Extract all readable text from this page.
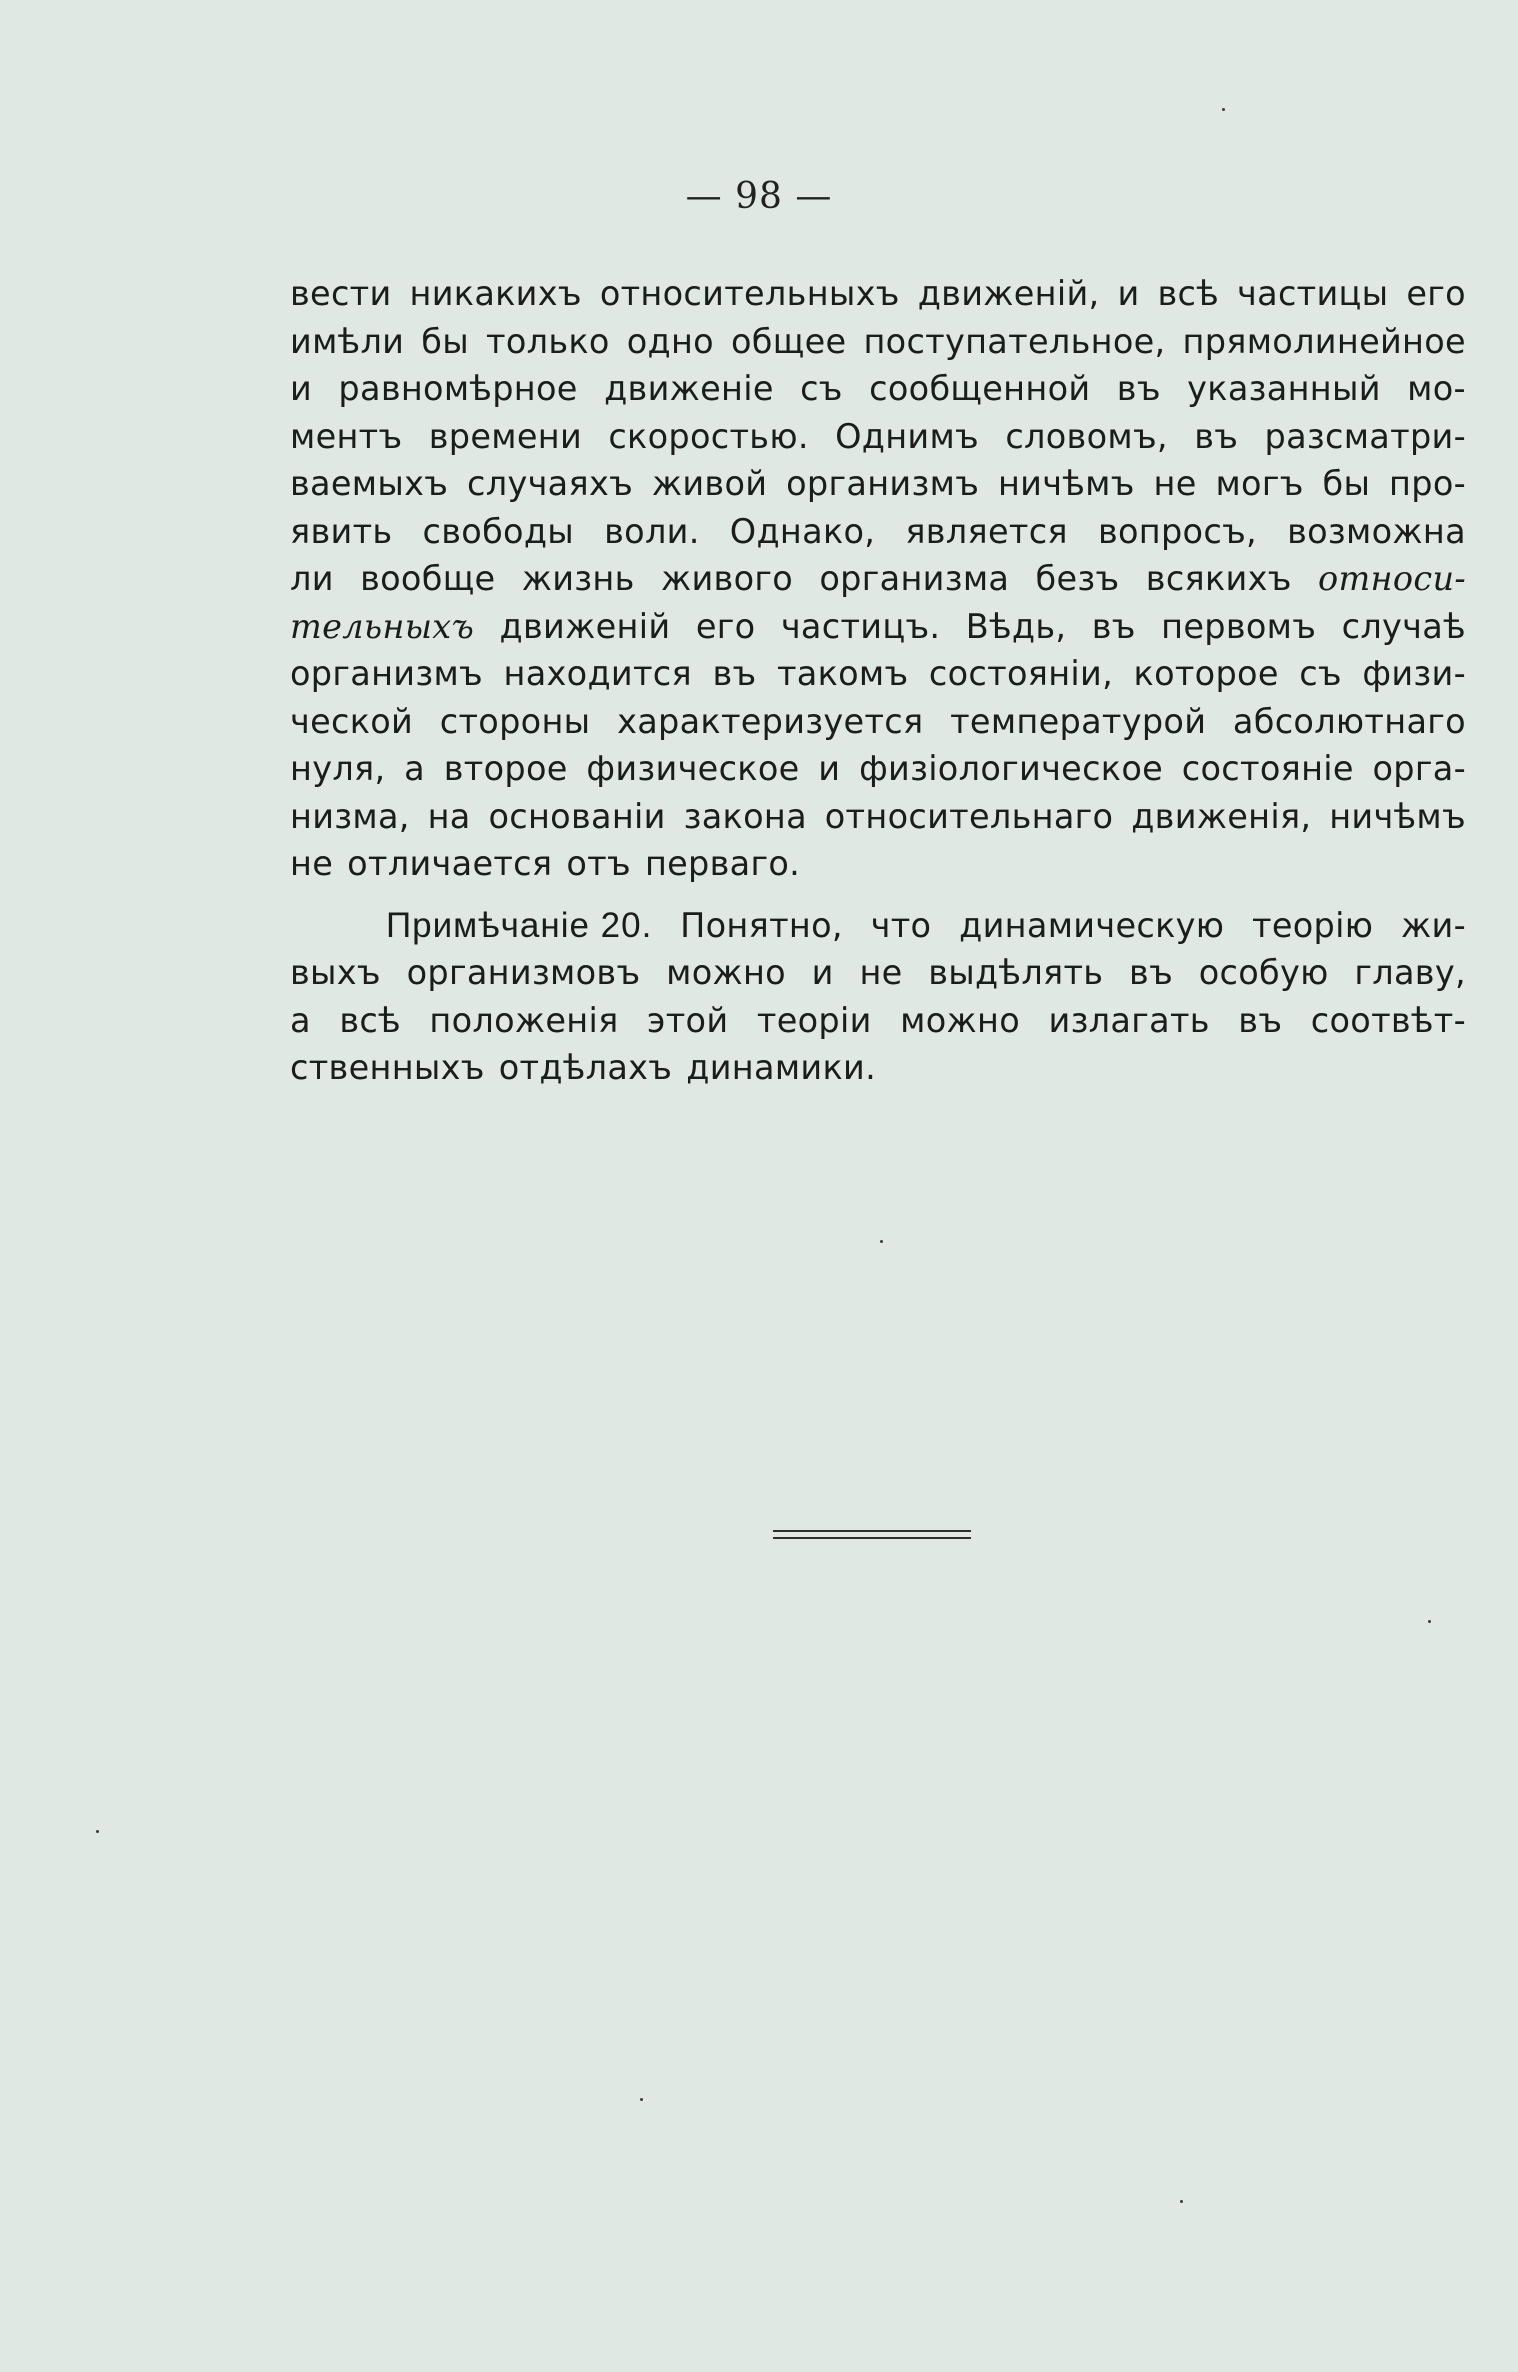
— 98 —
вести никакихъ относительныхъ движеній, и всѣ частицы его
имѣли бы только одно общее поступательное, прямолинейное
и равномѣрное движеніе съ сообщенной въ указанный мо-
ментъ времени скоростью. Однимъ словомъ, въ разсматри-
ваемыхъ случаяхъ живой организмъ ничѣмъ не могъ бы про-
явить свободы воли. Однако, является вопросъ, возможна
ли вообще жизнь живого организма безъ всякихъ относи-
тельныхъ движеній его частицъ. Вѣдь, въ первомъ случаѣ
организмъ находится въ такомъ состояніи, которое съ физи-
ческой стороны характеризуется температурой абсолютнаго
нуля, а второе физическое и физіологическое состояніе орга-
низма, на основаніи закона относительнаго движенія, ничѣмъ
не отличается отъ перваго.
Примѣчаніе 20. Понятно, что динамическую теорію жи-
выхъ организмовъ можно и не выдѣлять въ особую главу,
а всѣ положенія этой теоріи можно излагать въ соотвѣт-
ственныхъ отдѣлахъ динамики.
